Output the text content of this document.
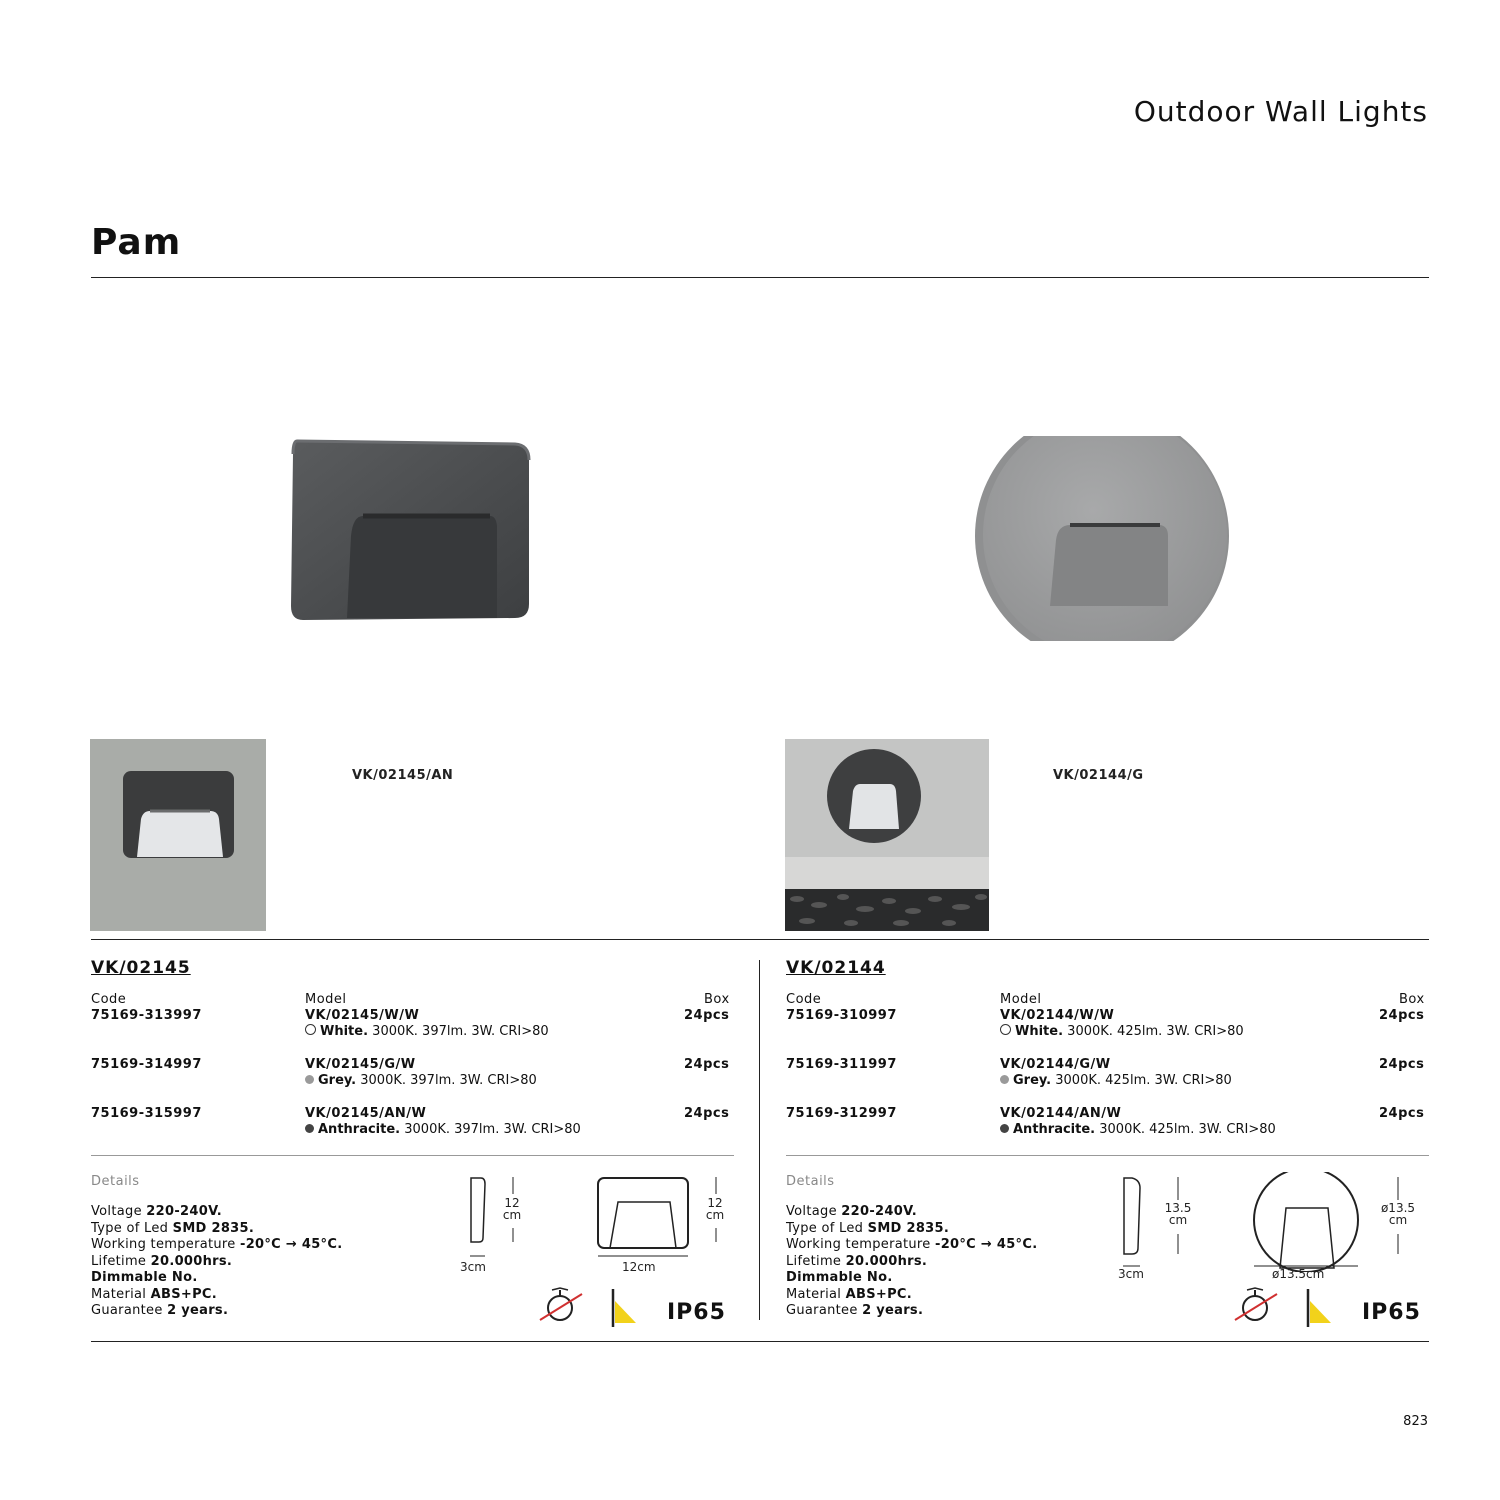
Outdoor Wall Lights
Pam
VK/02145/AN	VK/02144/G
VK/02145
Code	Model	Box
75169-313997	VK/02145/W/W	24pcs
White. 3000K. 397lm. 3W. CRI>80
75169-314997	VK/02145/G/W	24pcs
Grey. 3000K. 397lm. 3W. CRI>80
75169-315997	VK/02145/AN/W	24pcs
Anthracite. 3000K. 397lm. 3W. CRI>80
Details
Voltage 220-240V.
Type of Led SMD 2835.
Working temperature -20°C → 45°C.
Lifetime 20.000hrs.
Dimmable No.
Material ABS+PC.
Guarantee 2 years.
12
cm
3cm
12
cm
12cm
IP65
VK/02144
Code	Model	Box
75169-310997	VK/02144/W/W	24pcs
White. 3000K. 425lm. 3W. CRI>80
75169-311997	VK/02144/G/W	24pcs
Grey. 3000K. 425lm. 3W. CRI>80
75169-312997	VK/02144/AN/W	24pcs
Anthracite. 3000K. 425lm. 3W. CRI>80
Details
Voltage 220-240V.
Type of Led SMD 2835.
Working temperature -20°C → 45°C.
Lifetime 20.000hrs.
Dimmable No.
Material ABS+PC.
Guarantee 2 years.
13.5
cm
3cm
ø13.5
cm
ø13.5cm
IP65
823
